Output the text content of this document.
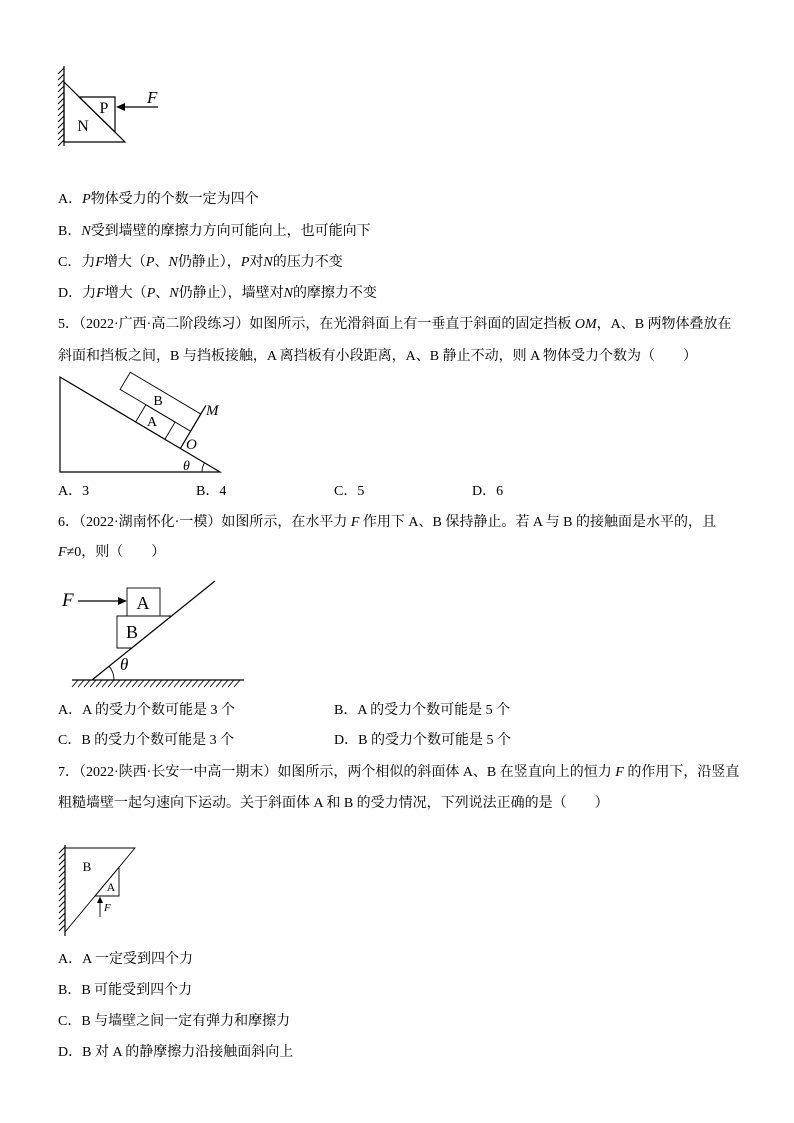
N
P
F
A．P物体受力的个数一定为四个
B．N受到墙壁的摩擦力方向可能向上，也可能向下
C．力F增大（P、N仍静止），P对N的压力不变
D．力F增大（P、N仍静止），墙壁对N的摩擦力不变
5．（2022·广西·高二阶段练习）如图所示，在光滑斜面上有一垂直于斜面的固定挡板 OM，A、B 两物体叠放在
斜面和挡板之间，B 与挡板接触，A 离挡板有小段距离，A、B 静止不动，则 A 物体受力个数为（　　）
B
A
M
O
θ
A．3	B．4	C．5	D．6
6．（2022·湖南怀化·一模）如图所示，在水平力 F 作用下 A、B 保持静止。若 A 与 B 的接触面是水平的，且
F≠0，则（　　）
A
B
F
θ
A．A 的受力个数可能是 3 个	B．A 的受力个数可能是 5 个
C．B 的受力个数可能是 3 个	D．B 的受力个数可能是 5 个
7．（2022·陕西·长安一中高一期末）如图所示，两个相似的斜面体 A、B 在竖直向上的恒力 F 的作用下，沿竖直
粗糙墙壁一起匀速向下运动。关于斜面体 A 和 B 的受力情况，下列说法正确的是（　　）
B
A
F
A．A 一定受到四个力
B．B 可能受到四个力
C．B 与墙壁之间一定有弹力和摩擦力
D．B 对 A 的静摩擦力沿接触面斜向上
